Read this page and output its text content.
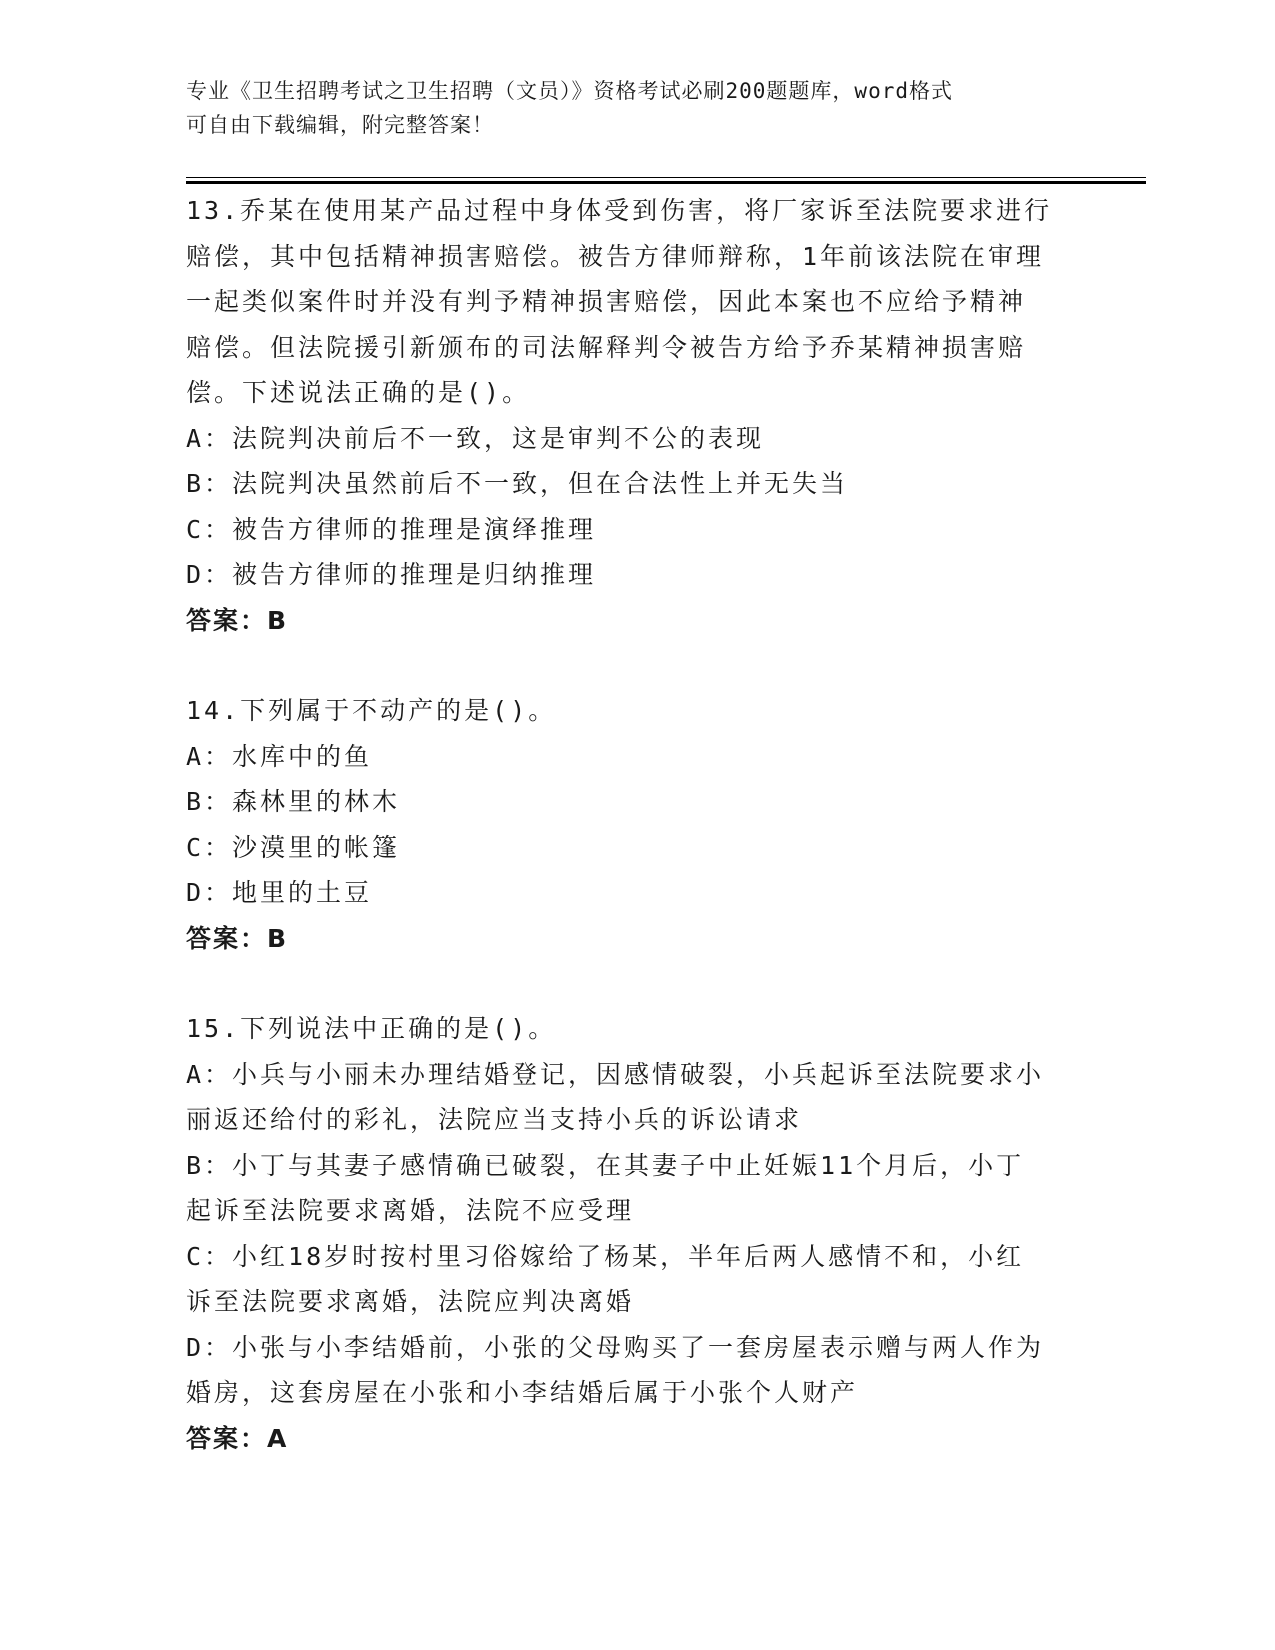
专业《卫生招聘考试之卫生招聘（文员）》资格考试必刷200题题库，word格式
可自由下载编辑，附完整答案！
13.乔某在使用某产品过程中身体受到伤害，将厂家诉至法院要求进行
赔偿，其中包括精神损害赔偿。被告方律师辩称，1年前该法院在审理
一起类似案件时并没有判予精神损害赔偿，因此本案也不应给予精神
赔偿。但法院援引新颁布的司法解释判令被告方给予乔某精神损害赔
偿。下述说法正确的是()。
A：法院判决前后不一致，这是审判不公的表现
B：法院判决虽然前后不一致，但在合法性上并无失当
C：被告方律师的推理是演绎推理
D：被告方律师的推理是归纳推理
答案：B
14.下列属于不动产的是()。
A：水库中的鱼
B：森林里的林木
C：沙漠里的帐篷
D：地里的土豆
答案：B
15.下列说法中正确的是()。
A：小兵与小丽未办理结婚登记，因感情破裂，小兵起诉至法院要求小
丽返还给付的彩礼，法院应当支持小兵的诉讼请求
B：小丁与其妻子感情确已破裂，在其妻子中止妊娠11个月后，小丁
起诉至法院要求离婚，法院不应受理
C：小红18岁时按村里习俗嫁给了杨某，半年后两人感情不和，小红
诉至法院要求离婚，法院应判决离婚
D：小张与小李结婚前，小张的父母购买了一套房屋表示赠与两人作为
婚房，这套房屋在小张和小李结婚后属于小张个人财产
答案：A
